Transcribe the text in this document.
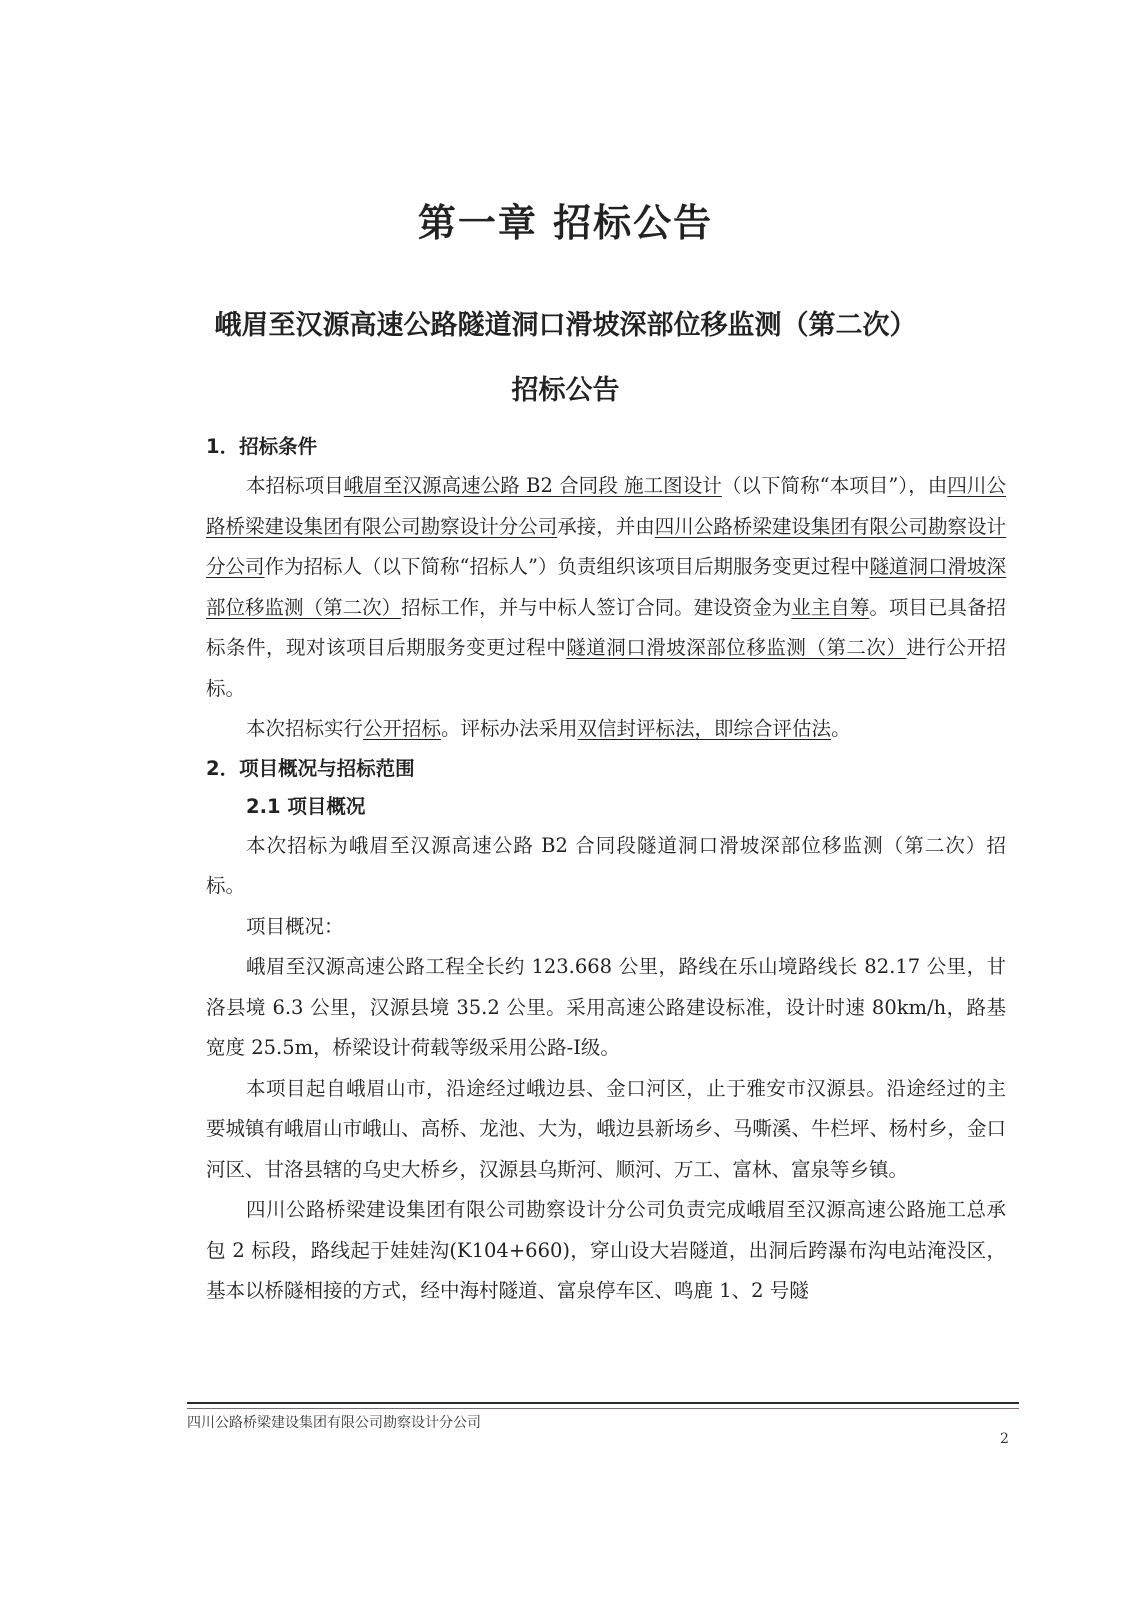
第一章 招标公告
峨眉至汉源高速公路隧道洞口滑坡深部位移监测（第二次）
招标公告

1．招标条件

本招标项目峨眉至汉源高速公路 B2 合同段 施工图设计（以下简称“本项目”），由四川公路桥梁建设集团有限公司勘察设计分公司承接，并由四川公路桥梁建设集团有限公司勘察设计分公司作为招标人（以下简称“招标人”）负责组织该项目后期服务变更过程中隧道洞口滑坡深部位移监测（第二次）招标工作，并与中标人签订合同。建设资金为业主自筹。项目已具备招标条件，现对该项目后期服务变更过程中隧道洞口滑坡深部位移监测（第二次）进行公开招标。

本次招标实行公开招标。评标办法采用双信封评标法，即综合评估法。

2．项目概况与招标范围

2.1 项目概况

本次招标为峨眉至汉源高速公路 B2 合同段隧道洞口滑坡深部位移监测（第二次）招标。

项目概况：

峨眉至汉源高速公路工程全长约 123.668 公里，路线在乐山境路线长 82.17 公里，甘洛县境 6.3 公里，汉源县境 35.2 公里。采用高速公路建设标准，设计时速 80km/h，路基宽度 25.5m，桥梁设计荷载等级采用公路-Ⅰ级。

本项目起自峨眉山市，沿途经过峨边县、金口河区，止于雅安市汉源县。沿途经过的主要城镇有峨眉山市峨山、高桥、龙池、大为，峨边县新场乡、马嘶溪、牛栏坪、杨村乡，金口河区、甘洛县辖的乌史大桥乡，汉源县乌斯河、顺河、万工、富林、富泉等乡镇。

四川公路桥梁建设集团有限公司勘察设计分公司负责完成峨眉至汉源高速公路施工总承包 2 标段，路线起于娃娃沟(K104+660)，穿山设大岩隧道，出洞后跨瀑布沟电站淹没区，基本以桥隧相接的方式，经中海村隧道、富泉停车区、鸣鹿 1、2 号隧

四川公路桥梁建设集团有限公司勘察设计分公司
2
